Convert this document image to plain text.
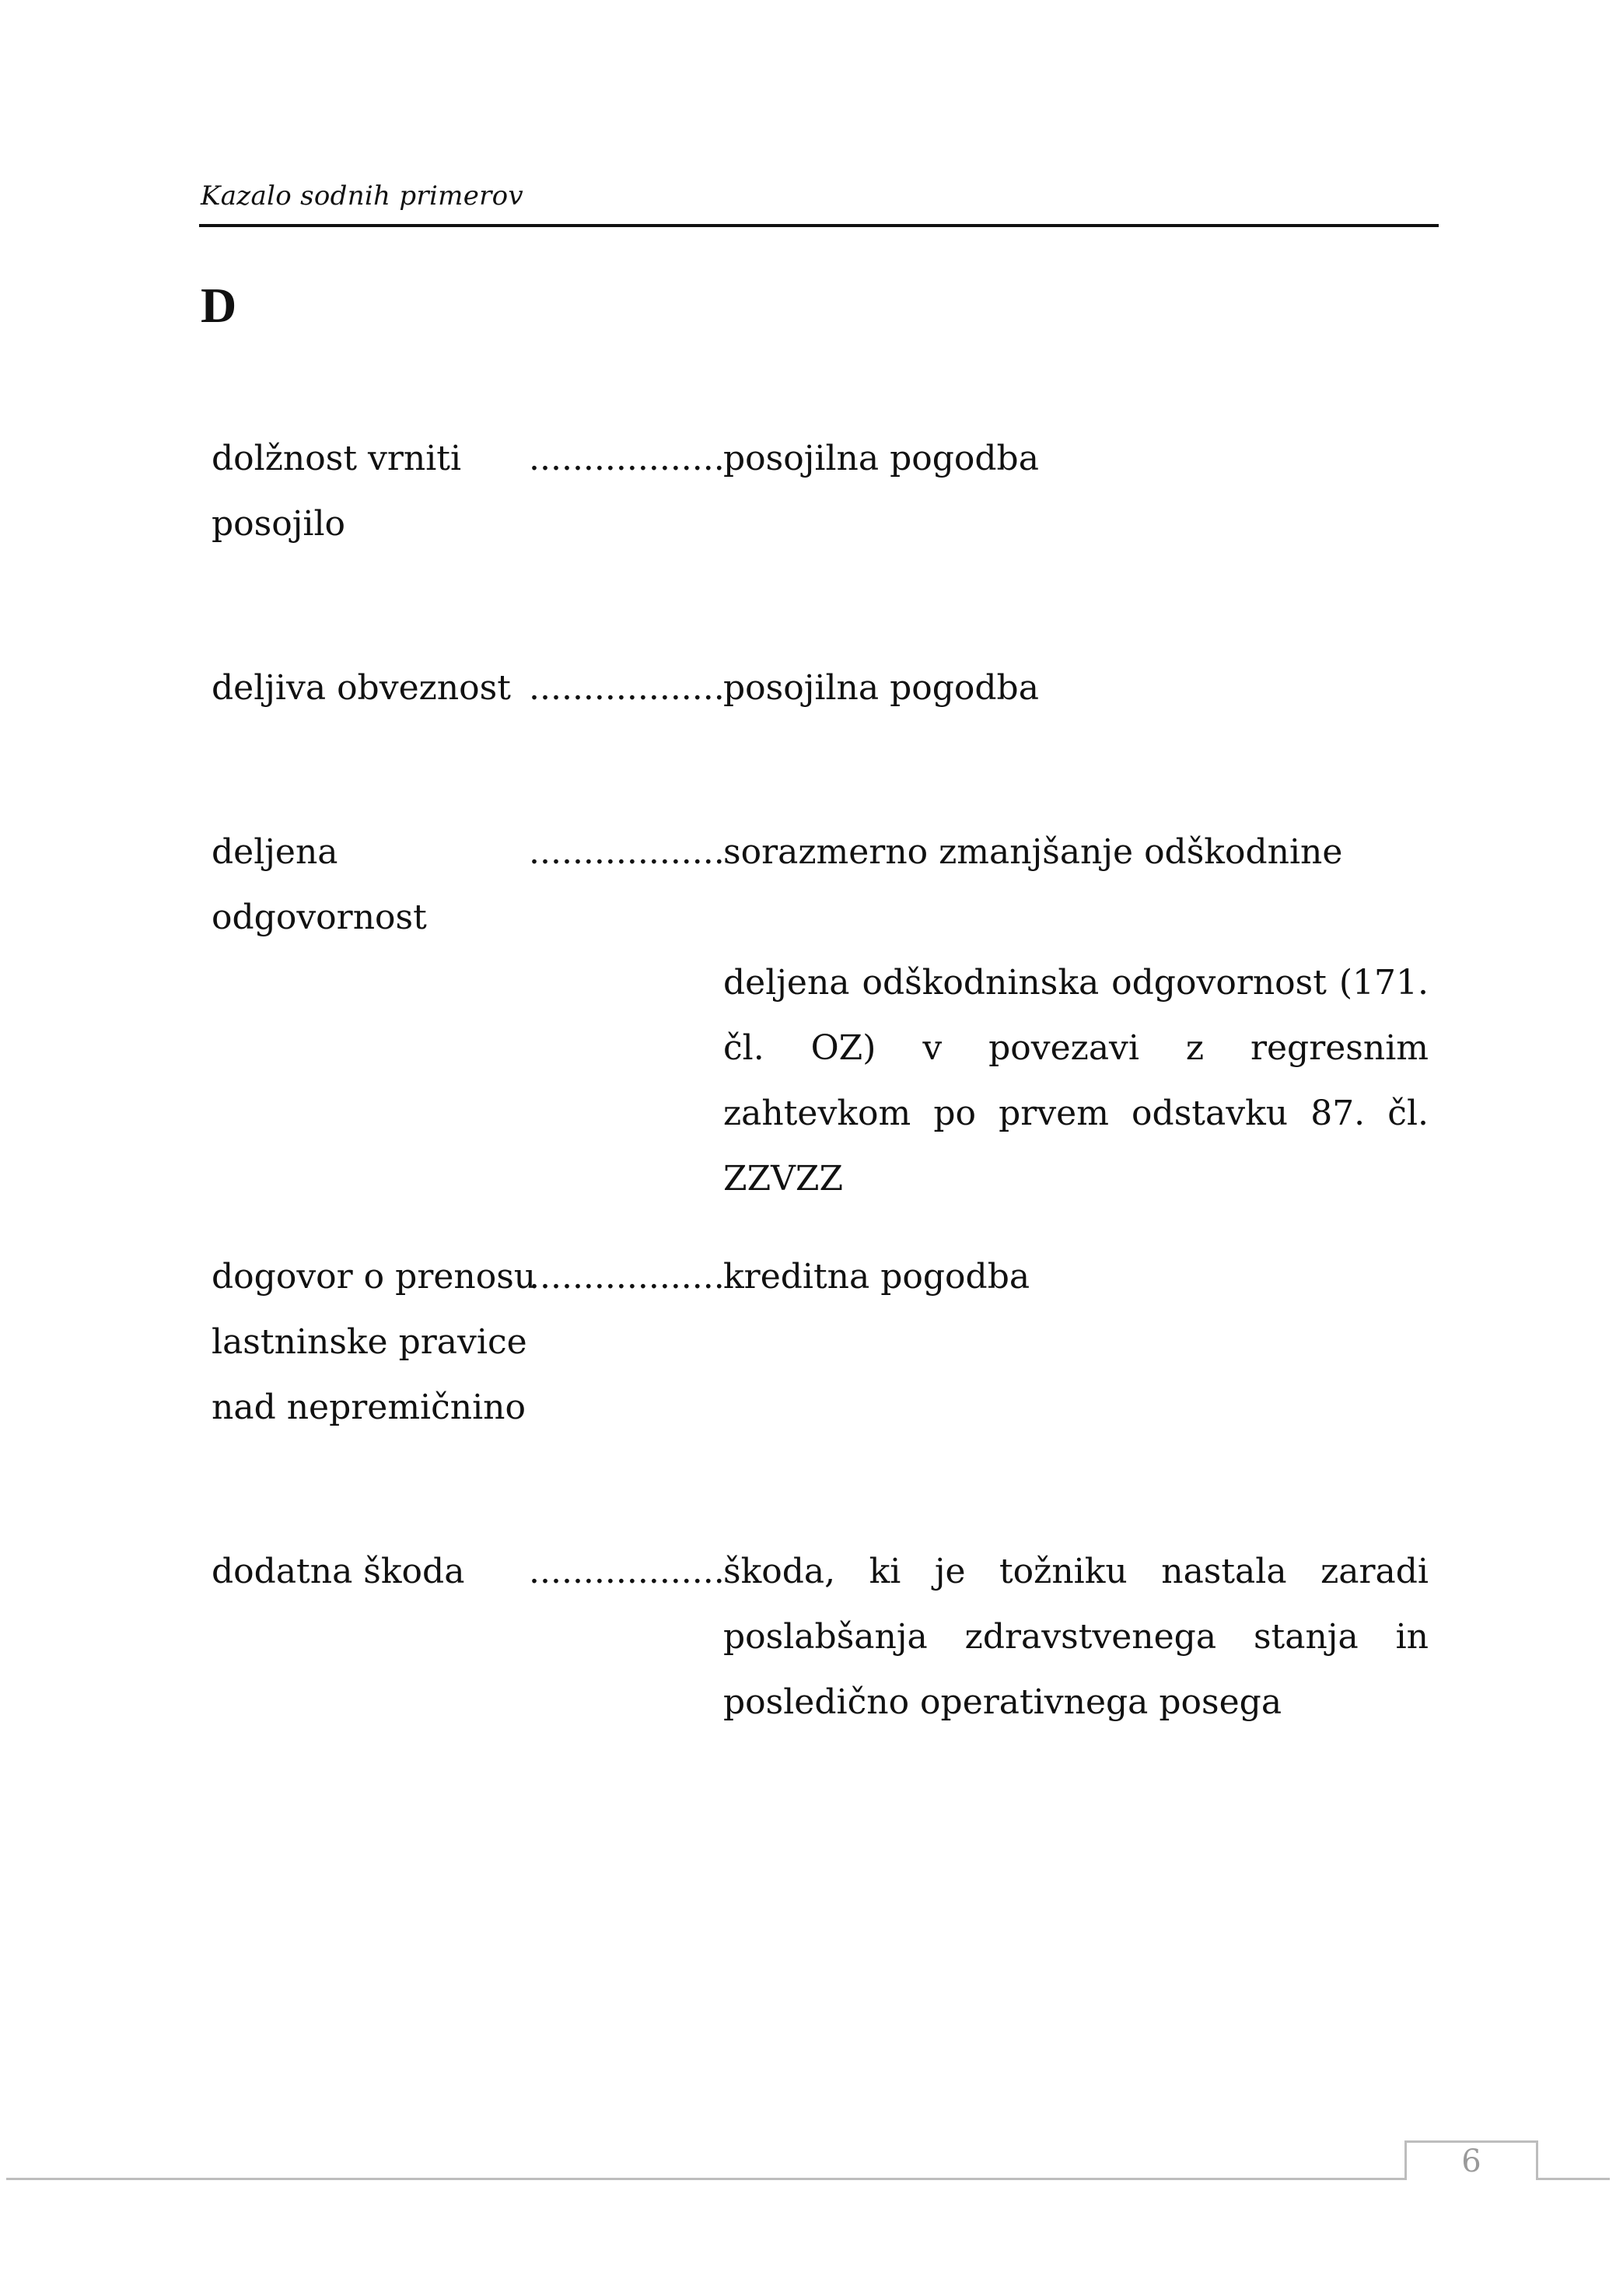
Kazalo sodnih primerov
D
dolžnost vrniti
posojilo
..................
posojilna pogodba
deljiva obveznost ..................
posojilna pogodba
deljena
odgovornost
..................
sorazmerno zmanjšanje odškodnine
deljena odškodninska odgovornost (171. čl. OZ) v povezavi z regresnim zahtevkom po prvem odstavku 87. čl. ZZVZZ
dogovor o prenosu
lastninske pravice
nad nepremičnino
..................
kreditna pogodba
dodatna škoda	..................
škoda, ki je tožniku nastala zaradi poslabšanja zdravstvenega stanja in posledično operativnega posega
6
